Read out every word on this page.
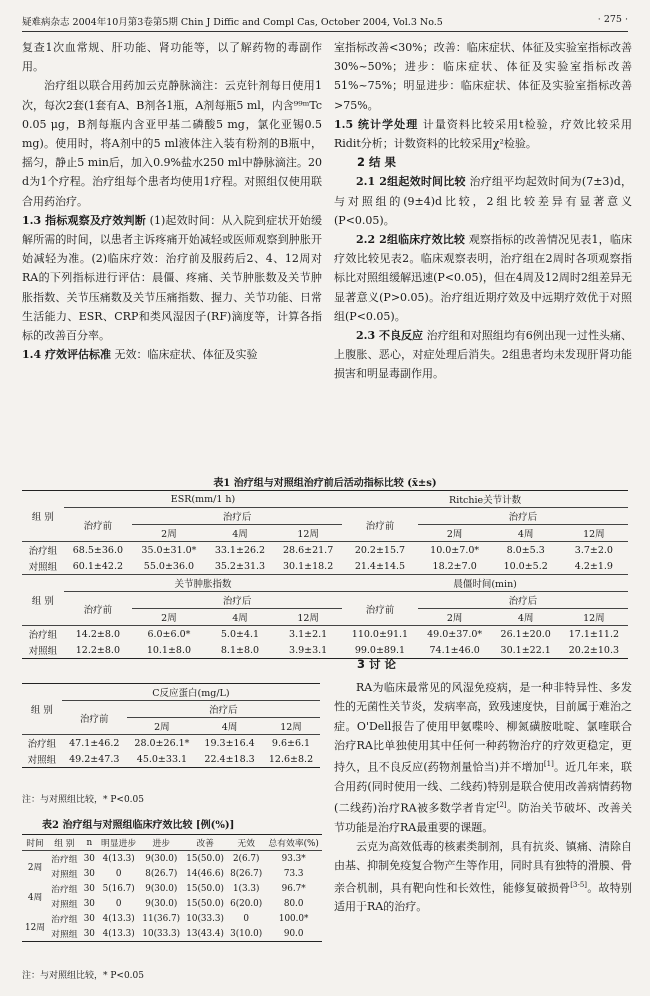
疑难病杂志 2004年10月第3卷第5期 Chin J Diffic and Compl Cas, October 2004, Vol.3 No.5	· 275 ·

复查1次血常规、肝功能、肾功能等，以了解药物的毒副作用。

治疗组以联合用药加云克静脉滴注：云克针剂每日使用1次，每次2套(1套有A、B剂各1瓶，A剂每瓶5 ml，内含⁹⁹ᵐTc 0.05 μg，B剂每瓶内含亚甲基二磷酸5 mg，氯化亚锡0.5 mg)。使用时，将A剂中的5 ml液体注入装有粉剂的B瓶中，摇匀，静止5 min后，加入0.9%盐水250 ml中静脉滴注。20 d为1个疗程。治疗组每个患者均使用1疗程。对照组仅使用联合用药治疗。

1.3 指标观察及疗效判断 (1)起效时间：从入院到症状开始缓解所需的时间，以患者主诉疼痛开始减轻或医师观察到肿胀开始减轻为准。(2)临床疗效：治疗前及服药后2、4、12周对RA的下列指标进行评估：晨僵、疼痛、关节肿胀数及关节肿胀指数、关节压痛数及关节压痛指数、握力、关节功能、日常生活能力、ESR、CRP和类风湿因子(RF)滴度等，计算各指标的改善百分率。

1.4 疗效评估标准 无效：临床症状、体征及实验

室指标改善<30%；改善：临床症状、体征及实验室指标改善30%~50%；进步：临床症状、体征及实验室指标改善51%~75%；明显进步：临床症状、体征及实验室指标改善>75%。

1.5 统计学处理 计量资料比较采用t检验，疗效比较采用Ridit分析；计数资料的比较采用χ²检验。

2 结 果

2.1 2组起效时间比较 治疗组平均起效时间为(7±3)d，与对照组的(9±4)d比较，2组比较差异有显著意义(P<0.05)。

2.2 2组临床疗效比较 观察指标的改善情况见表1，临床疗效比较见表2。临床观察表明，治疗组在2周时各项观察指标比对照组缓解迅速(P<0.05)，但在4周及12周时2组差异无显著意义(P>0.05)。治疗组近期疗效及中远期疗效优于对照组(P<0.05)。

2.3 不良反应 治疗组和对照组均有6例出现一过性头痛、上腹胀、恶心，对症处理后消失。2组患者均未发现肝肾功能损害和明显毒副作用。

表1 治疗组与对照组治疗前后活动指标比较 (x̄±s)
组 别	ESR(mm/1 h)				Ritchie关节计数			
	治疗前	治疗后			治疗前	治疗后		
		2周	4周	12周		2周	4周	12周
治疗组	68.5±36.0	35.0±31.0*	33.1±26.2	28.6±21.7	20.2±15.7	10.0±7.0*	8.0±5.3	3.7±2.0
对照组	60.1±42.2	55.0±36.0	35.2±31.3	30.1±18.2	21.4±14.5	18.2±7.0	10.0±5.2	4.2±1.9
组 别	关节肿胀指数				晨僵时间(min)			
	治疗前	治疗后			治疗前	治疗后		
		2周	4周	12周		2周	4周	12周
治疗组	14.2±8.0	6.0±6.0*	5.0±4.1	3.1±2.1	110.0±91.1	49.0±37.0*	26.1±20.0	17.1±11.2
对照组	12.2±8.0	10.1±8.0	8.1±8.0	3.9±3.1	99.0±89.1	74.1±46.0	30.1±22.1	20.2±10.3
组 别	C反应蛋白(mg/L)			
	治疗前	治疗后		
		2周	4周	12周
治疗组	47.1±46.2	28.0±26.1*	19.3±16.4	9.6±6.1
对照组	49.2±47.3	45.0±33.1	22.4±18.3	12.6±8.2
注：与对照组比较，* P<0.05
表2 治疗组与对照组临床疗效比较 [例(%)]
时间	组 别	n	明显进步	进步	改善	无效	总有效率(%)
2周	治疗组	30	4(13.3)	9(30.0)	15(50.0)	2(6.7)	93.3*
	对照组	30	0	8(26.7)	14(46.6)	8(26.7)	73.3
4周	治疗组	30	5(16.7)	9(30.0)	15(50.0)	1(3.3)	96.7*
	对照组	30	0	9(30.0)	15(50.0)	6(20.0)	80.0
12周	治疗组	30	4(13.3)	11(36.7)	10(33.3)	0	100.0*
	对照组	30	4(13.3)	10(33.3)	13(43.4)	3(10.0)	90.0
注：与对照组比较，* P<0.05

3 讨 论

RA为临床最常见的风湿免疫病，是一种非特异性、多发性的无菌性关节炎，发病率高，致残速度快，目前属于难治之症。O'Dell报告了使用甲氨喋呤、柳氮磺胺吡啶、氯喹联合治疗RA比单独使用其中任何一种药物治疗的疗效更稳定，更持久，且不良反应(药物剂量恰当)并不增加[1]。近几年来，联合用药(同时使用一线、二线药)特别是联合使用改善病情药物(二线药)治疗RA被多数学者肯定[2]。防治关节破坏、改善关节功能是治疗RA最重要的课题。

云克为高效低毒的核素类制剂，具有抗炎、镇痛、清除自由基、抑制免疫复合物产生等作用，同时具有独特的滑膜、骨亲合机制，具有靶向性和长效性，能修复破损骨[3-5]。故特别适用于RA的治疗。
